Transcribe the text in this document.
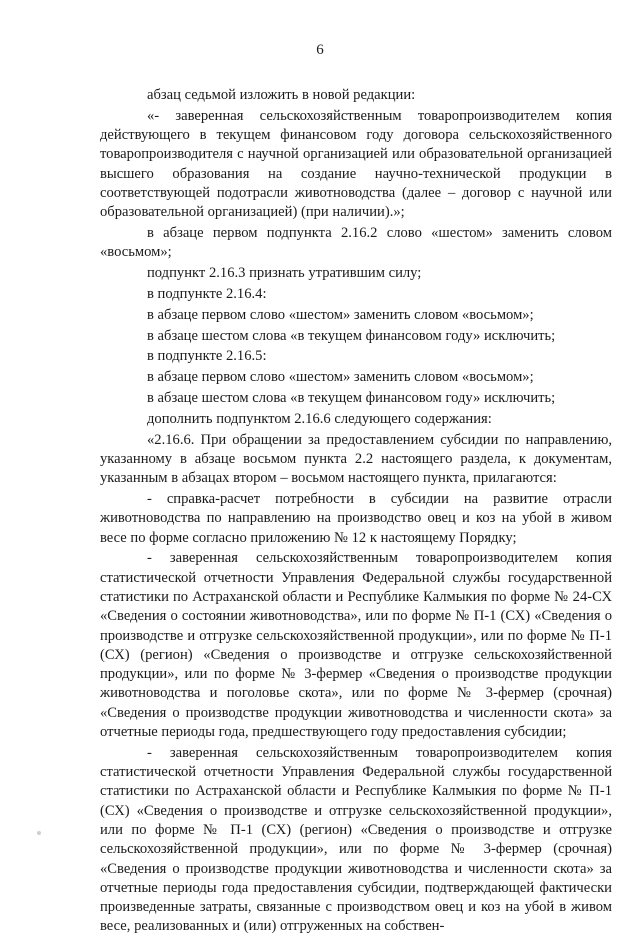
6

абзац седьмой изложить в новой редакции:

«- заверенная сельскохозяйственным товаропроизводителем копия действующего в текущем финансовом году договора сельскохозяйственного товаропроизводителя с научной организацией или образовательной организацией высшего образования на создание научно-технической продукции в соответствующей подотрасли животноводства (далее – договор с научной или образовательной организацией) (при наличии).»;

в абзаце первом подпункта 2.16.2 слово «шестом» заменить словом «восьмом»;

подпункт 2.16.3 признать утратившим силу;

в подпункте 2.16.4:

в абзаце первом слово «шестом» заменить словом «восьмом»;

в абзаце шестом слова «в текущем финансовом году» исключить;

в подпункте 2.16.5:

в абзаце первом слово «шестом» заменить словом «восьмом»;

в абзаце шестом слова «в текущем финансовом году» исключить;

дополнить подпунктом 2.16.6 следующего содержания:

«2.16.6. При обращении за предоставлением субсидии по направлению, указанному в абзаце восьмом пункта 2.2 настоящего раздела, к документам, указанным в абзацах втором – восьмом настоящего пункта, прилагаются:

- справка-расчет потребности в субсидии на развитие отрасли животноводства по направлению на производство овец и коз на убой в живом весе по форме согласно приложению № 12 к настоящему Порядку;

- заверенная сельскохозяйственным товаропроизводителем копия статистической отчетности Управления Федеральной службы государственной статистики по Астраханской области и Республике Калмыкия по форме № 24-СХ «Сведения о состоянии животноводства», или по форме № П-1 (СХ) «Сведения о производстве и отгрузке сельскохозяйственной продукции», или по форме № П-1 (СХ) (регион) «Сведения о производстве и отгрузке сельскохозяйственной продукции», или по форме № 3-фермер «Сведения о производстве продукции животноводства и поголовье скота», или по форме № 3-фермер (срочная) «Сведения о производстве продукции животноводства и численности скота» за отчетные периоды года, предшествующего году предоставления субсидии;

- заверенная сельскохозяйственным товаропроизводителем копия статистической отчетности Управления Федеральной службы государственной статистики по Астраханской области и Республике Калмыкия по форме № П-1 (СХ) «Сведения о производстве и отгрузке сельскохозяйственной продукции», или по форме № П-1 (СХ) (регион) «Сведения о производстве и отгрузке сельскохозяйственной продукции», или по форме № 3-фермер (срочная) «Сведения о производстве продукции животноводства и численности скота» за отчетные периоды года предоставления субсидии, подтверждающей фактически произведенные затраты, связанные с производством овец и коз на убой в живом весе, реализованных и (или) отгруженных на собствен-
